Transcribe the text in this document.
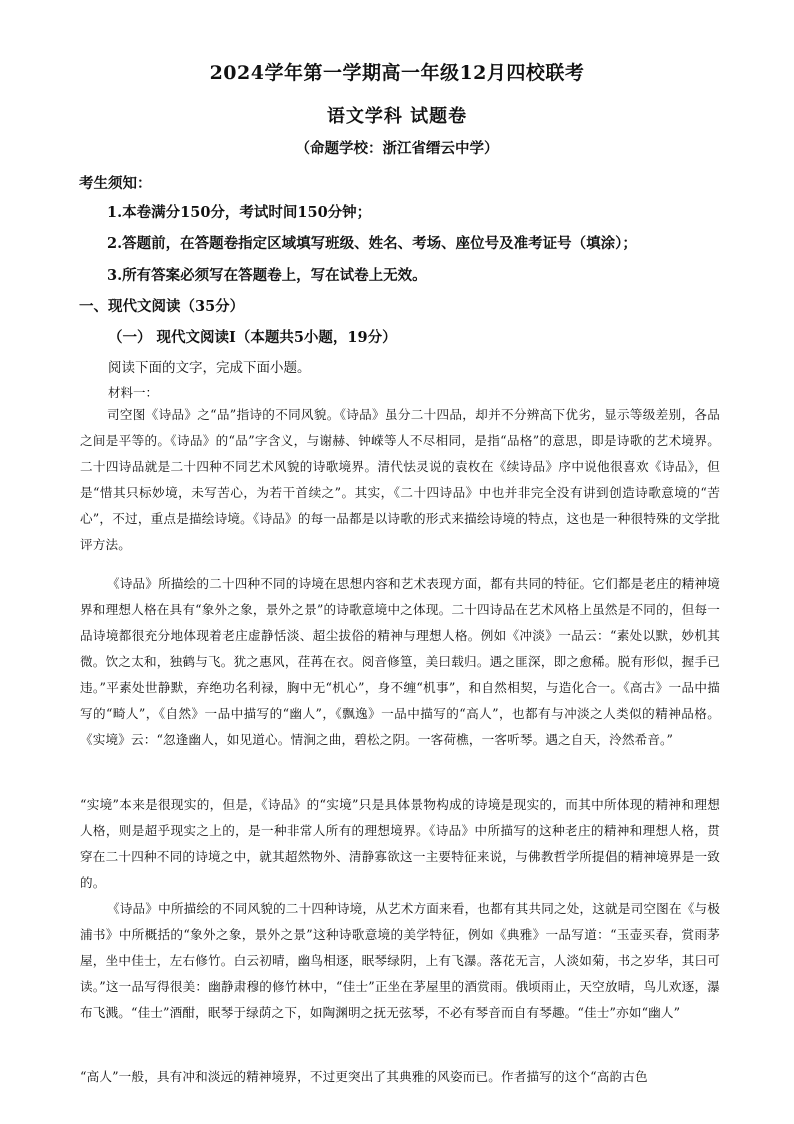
2024学年第一学期高一年级12月四校联考
语文学科 试题卷
（命题学校：浙江省缙云中学）
考生须知：
1.本卷满分150分，考试时间150分钟；
2.答题前，在答题卷指定区域填写班级、姓名、考场、座位号及准考证号（填涂）；
3.所有答案必须写在答题卷上，写在试卷上无效。
一、现代文阅读（35分）
（一） 现代文阅读Ⅰ（本题共5小题，19分）
阅读下面的文字，完成下面小题。
材料一：
司空图《诗品》之“品”指诗的不同风貌。《诗品》虽分二十四品，却并不分辨高下优劣，显示等级差别，各品之间是平等的。《诗品》的“品”字含义，与谢赫、钟嵘等人不尽相同，是指“品格”的意思，即是诗歌的艺术境界。二十四诗品就是二十四种不同艺术风貌的诗歌境界。清代怯灵说的袁枚在《续诗品》序中说他很喜欢《诗品》，但是“惜其只标妙境，未写苦心，为若干首续之”。其实，《二十四诗品》中也并非完全没有讲到创造诗歌意境的“苦心”，不过，重点是描绘诗境。《诗品》的每一品都是以诗歌的形式来描绘诗境的特点，这也是一种很特殊的文学批评方法。
《诗品》所描绘的二十四种不同的诗境在思想内容和艺术表现方面，都有共同的特征。它们都是老庄的精神境界和理想人格在具有“象外之象，景外之景”的诗歌意境中之体现。二十四诗品在艺术风格上虽然是不同的，但每一品诗境都很充分地体现着老庄虚静恬淡、超尘拔俗的精神与理想人格。例如《冲淡》一品云：“素处以默，妙机其微。饮之太和，独鹤与飞。犹之惠风，荏苒在衣。阅音修篁，美曰载归。遇之匪深，即之愈稀。脱有形似，握手已违。”平素处世静默，弃绝功名利禄，胸中无“机心”，身不缠“机事”，和自然相契，与造化合一。《高古》一品中描写的“畸人”，《自然》一品中描写的“幽人”，《飘逸》一品中描写的“高人”，也都有与冲淡之人类似的精神品格。《实境》云：“忽逢幽人，如见道心。情涧之曲，碧松之阴。一客荷樵，一客听琴。遇之自天，泠然希音。”
“实境”本来是很现实的，但是，《诗品》的“实境”只是具体景物构成的诗境是现实的，而其中所体现的精神和理想人格，则是超乎现实之上的，是一种非常人所有的理想境界。《诗品》中所描写的这种老庄的精神和理想人格，贯穿在二十四种不同的诗境之中，就其超然物外、清静寡欲这一主要特征来说，与佛教哲学所提倡的精神境界是一致的。
《诗品》中所描绘的不同风貌的二十四种诗境，从艺术方面来看，也都有其共同之处，这就是司空图在《与极浦书》中所概括的“象外之象，景外之景”这种诗歌意境的美学特征，例如《典雅》一品写道：“玉壶买春，赏雨茅屋，坐中佳士，左右修竹。白云初晴，幽鸟相逐，眠琴绿阴，上有飞瀑。落花无言，人淡如菊，书之岁华，其曰可读。”这一品写得很美：幽静肃穆的修竹林中，“佳士”正坐在茅屋里的酒赏雨。俄顷雨止，天空放晴，鸟儿欢逐，瀑布飞溅。“佳士”酒酣，眠琴于绿荫之下，如陶渊明之抚无弦琴，不必有琴音而自有琴趣。“佳士”亦如“幽人”
“高人”一般，具有冲和淡远的精神境界，不过更突出了其典雅的风姿而已。作者描写的这个“高韵古色
